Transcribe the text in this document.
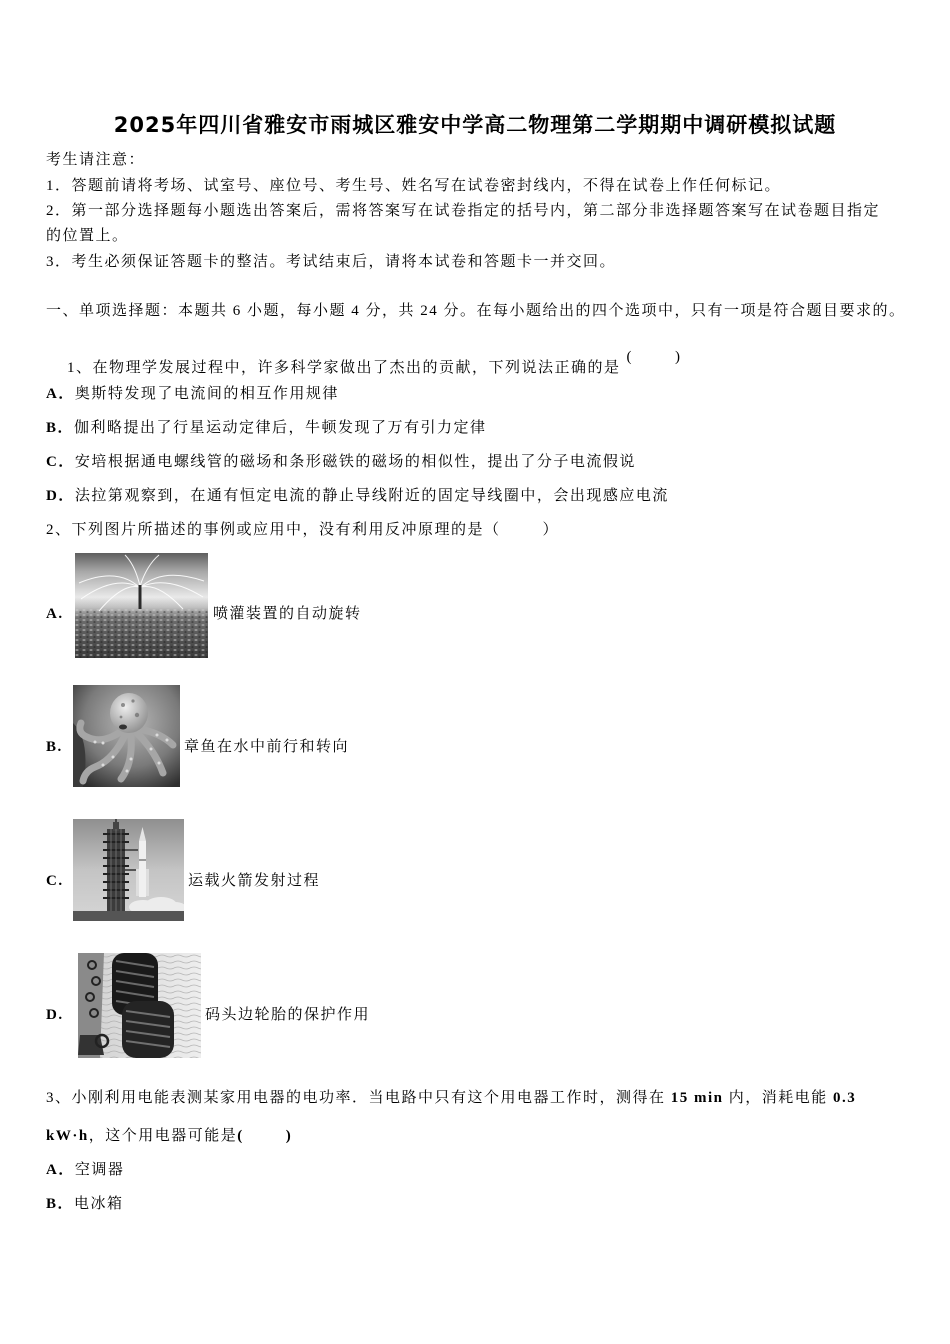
2025年四川省雅安市雨城区雅安中学高二物理第二学期期中调研模拟试题
考生请注意：
1．答题前请将考场、试室号、座位号、考生号、姓名写在试卷密封线内，不得在试卷上作任何标记。
2．第一部分选择题每小题选出答案后，需将答案写在试卷指定的括号内，第二部分非选择题答案写在试卷题目指定
的位置上。
3．考生必须保证答题卡的整洁。考试结束后，请将本试卷和答题卡一并交回。
一、单项选择题：本题共 6 小题，每小题 4 分，共 24 分。在每小题给出的四个选项中，只有一项是符合题目要求的。

1、在物理学发展过程中，许多科学家做出了杰出的贡献，下列说法正确的是(        )

A．奥斯特发现了电流间的相互作用规律
B．伽利略提出了行星运动定律后，牛顿发现了万有引力定律
C．安培根据通电螺线管的磁场和条形磁铁的磁场的相似性，提出了分子电流假说
D．法拉第观察到，在通有恒定电流的静止导线附近的固定导线圈中，会出现感应电流
2、下列图片所描述的事例或应用中，没有利用反冲原理的是（        ）
A.	喷灌装置的自动旋转
B.	章鱼在水中前行和转向
C.	运载火箭发射过程
D.	码头边轮胎的保护作用
3、小刚利用电能表测某家用电器的电功率．当电路中只有这个用电器工作时，测得在 15 min 内，消耗电能 0.3
kW·h，这个用电器可能是(        )
A．空调器
B．电冰箱
